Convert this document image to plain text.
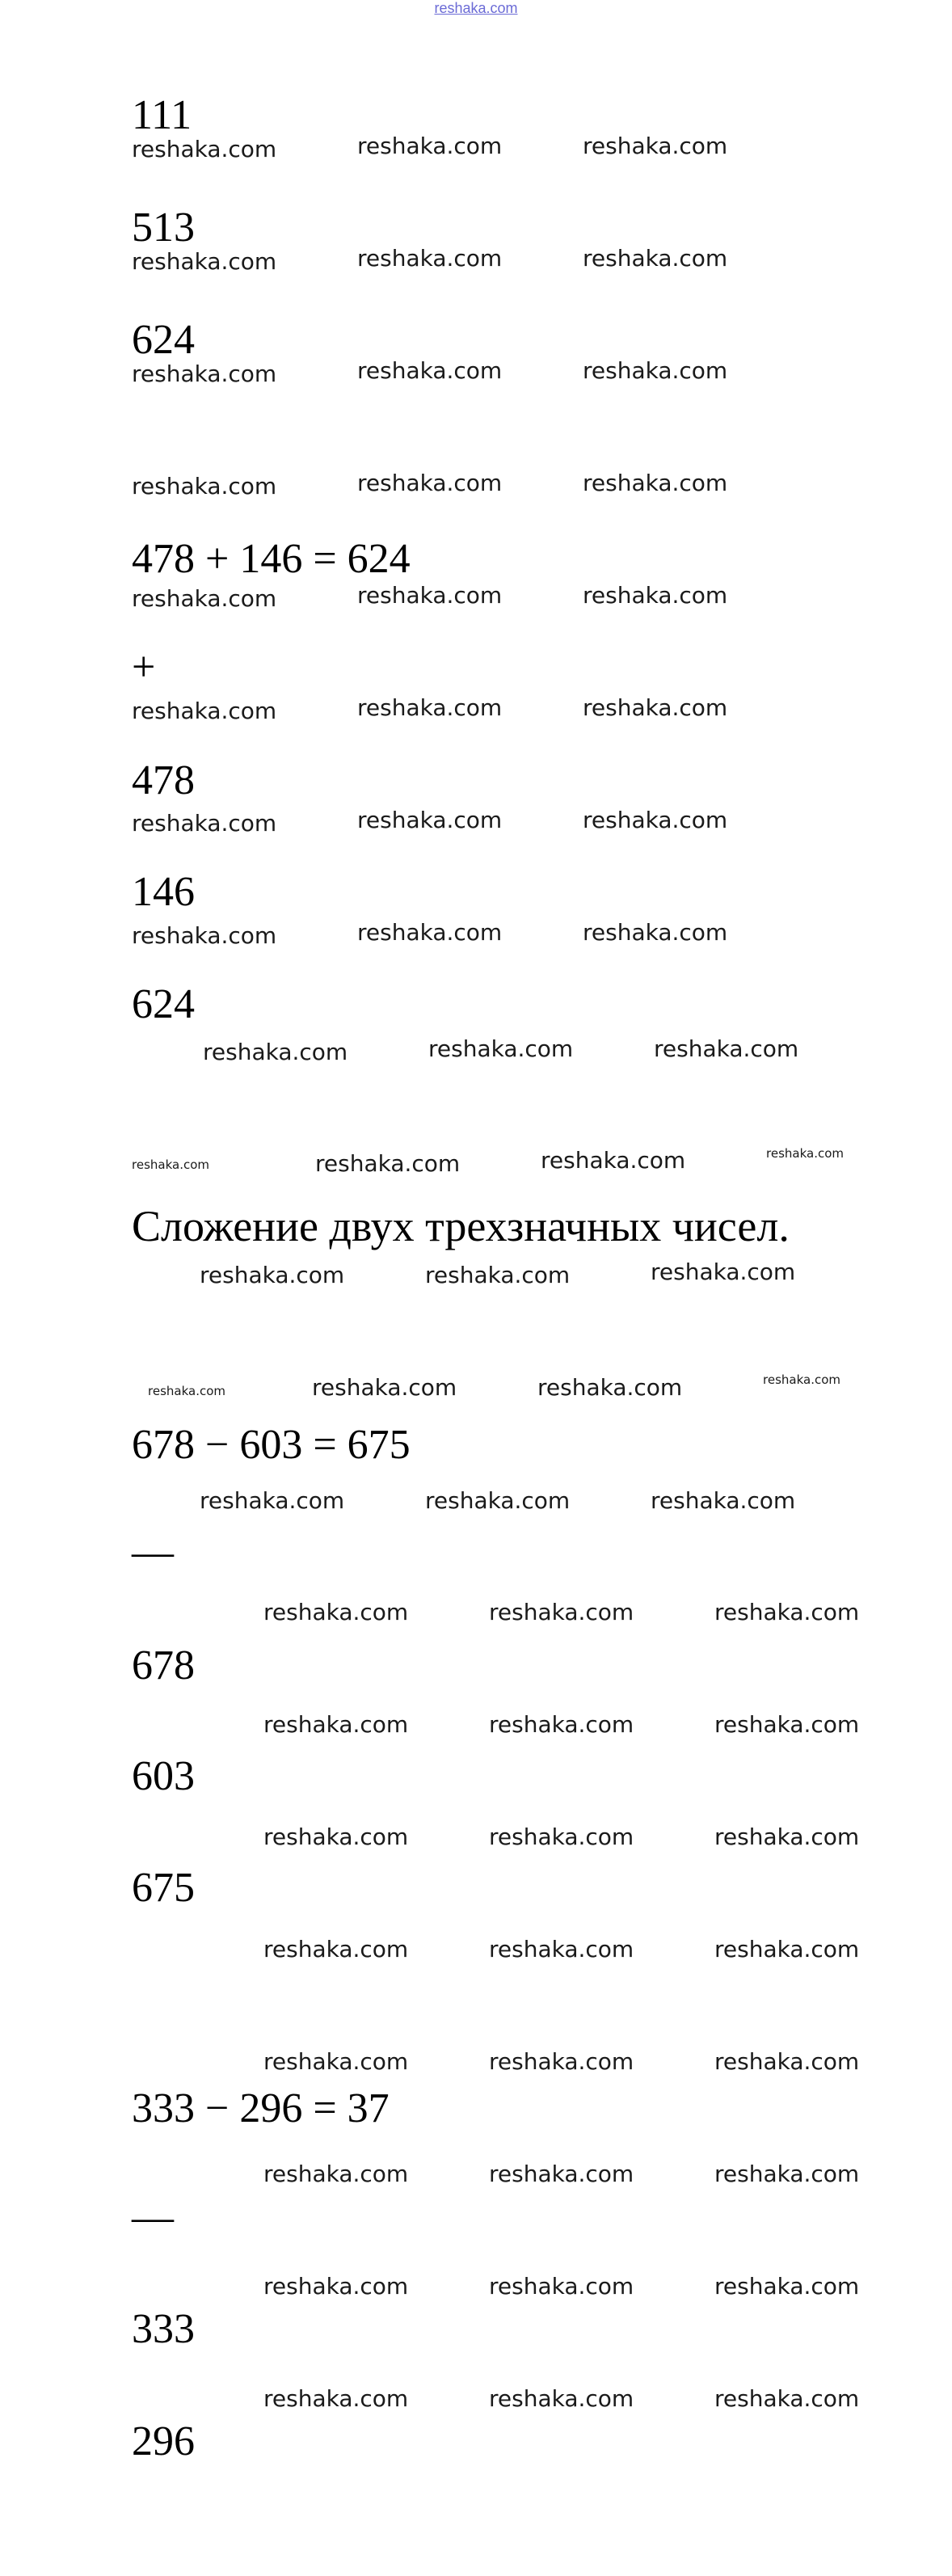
reshaka.com
111
513
624
478 + 146 = 624
+
478
146
624
Сложение двух трехзначных чисел.
678 − 603 = 675
—
678
603
675
333 − 296 = 37
—
333
296
reshaka.com	reshaka.com	reshaka.com
reshaka.com	reshaka.com	reshaka.com
reshaka.com	reshaka.com	reshaka.com
reshaka.com	reshaka.com	reshaka.com
reshaka.com	reshaka.com	reshaka.com
reshaka.com	reshaka.com	reshaka.com
reshaka.com	reshaka.com	reshaka.com
reshaka.com	reshaka.com	reshaka.com
reshaka.com	reshaka.com	reshaka.com
reshaka.com	reshaka.com	reshaka.com	reshaka.com
reshaka.com	reshaka.com	reshaka.com
reshaka.com	reshaka.com	reshaka.com	reshaka.com
reshaka.com	reshaka.com	reshaka.com
reshaka.com	reshaka.com	reshaka.com
reshaka.com	reshaka.com	reshaka.com
reshaka.com	reshaka.com	reshaka.com
reshaka.com	reshaka.com	reshaka.com
reshaka.com	reshaka.com	reshaka.com
reshaka.com	reshaka.com	reshaka.com
reshaka.com	reshaka.com	reshaka.com
reshaka.com	reshaka.com	reshaka.com
